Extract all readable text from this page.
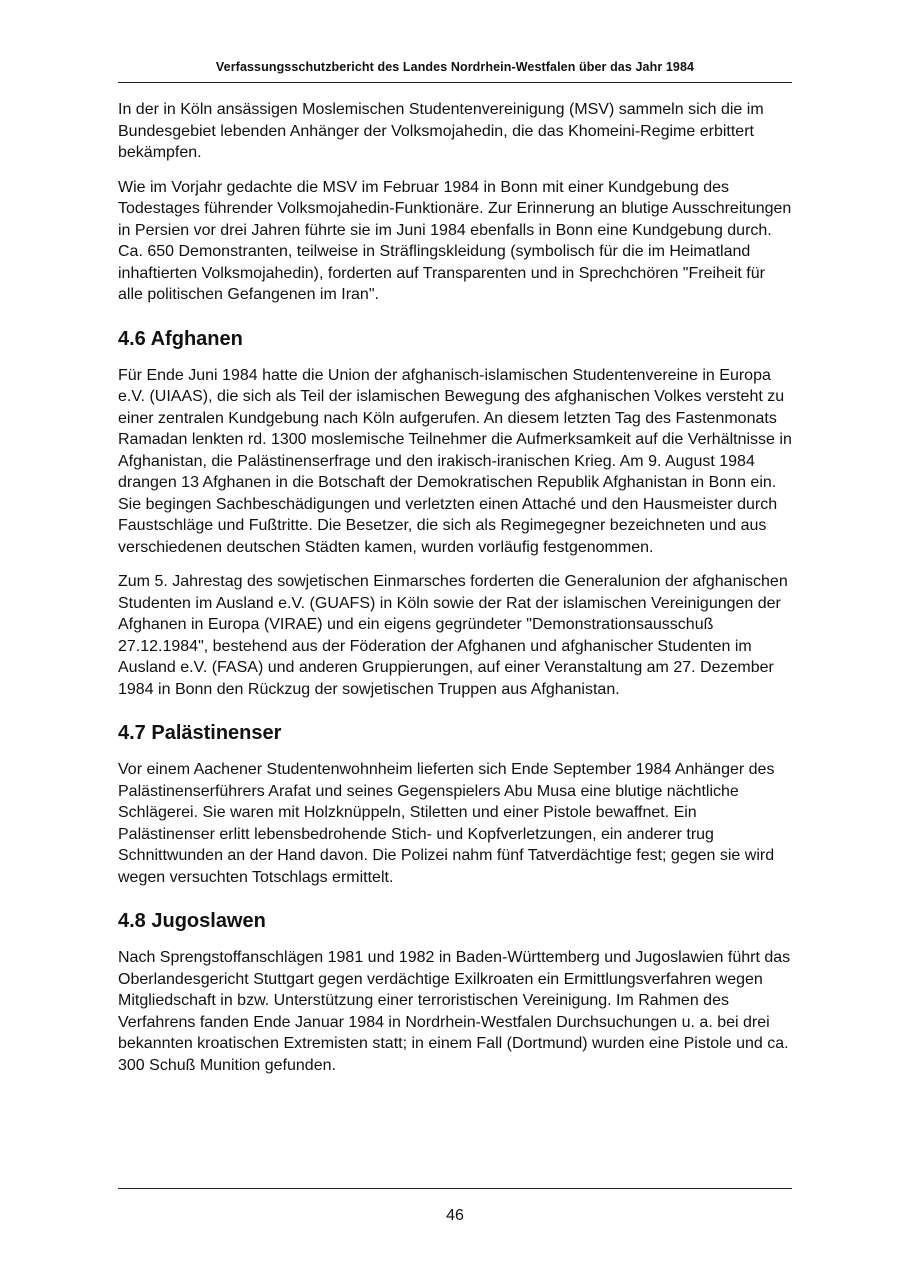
Verfassungsschutzbericht des Landes Nordrhein-Westfalen über das Jahr 1984

In der in Köln ansässigen Moslemischen Studentenvereinigung (MSV) sammeln sich die im Bundesgebiet lebenden Anhänger der Volksmojahedin, die das Khomeini-Regime erbittert bekämpfen.

Wie im Vorjahr gedachte die MSV im Februar 1984 in Bonn mit einer Kundgebung des Todestages führender Volksmojahedin-Funktionäre. Zur Erinnerung an blutige Ausschreitungen in Persien vor drei Jahren führte sie im Juni 1984 ebenfalls in Bonn eine Kundgebung durch. Ca. 650 Demonstranten, teilweise in Sträflingskleidung (symbolisch für die im Heimatland inhaftierten Volksmojahedin), forderten auf Transparenten und in Sprechchören "Freiheit für alle politischen Gefangenen im Iran".

4.6 Afghanen

Für Ende Juni 1984 hatte die Union der afghanisch-islamischen Studentenvereine in Europa e.V. (UIAAS), die sich als Teil der islamischen Bewegung des afghanischen Volkes versteht zu einer zentralen Kundgebung nach Köln aufgerufen. An diesem letzten Tag des Fastenmonats Ramadan lenkten rd. 1300 moslemische Teilnehmer die Aufmerksamkeit auf die Verhältnisse in Afghanistan, die Palästinenserfrage und den irakisch-iranischen Krieg. Am 9. August 1984 drangen 13 Afghanen in die Botschaft der Demokratischen Republik Afghanistan in Bonn ein. Sie begingen Sachbeschädigungen und verletzten einen Attaché und den Hausmeister durch Faustschläge und Fußtritte. Die Besetzer, die sich als Regimegegner bezeichneten und aus verschiedenen deutschen Städten kamen, wurden vorläufig festgenommen.

Zum 5. Jahrestag des sowjetischen Einmarsches forderten die Generalunion der afghanischen Studenten im Ausland e.V. (GUAFS) in Köln sowie der Rat der islamischen Vereinigungen der Afghanen in Europa (VIRAE) und ein eigens gegründeter "Demonstrationsausschuß 27.12.1984", bestehend aus der Föderation der Afghanen und afghanischer Studenten im Ausland e.V. (FASA) und anderen Gruppierungen, auf einer Veranstaltung am 27. Dezember 1984 in Bonn den Rückzug der sowjetischen Truppen aus Afghanistan.

4.7 Palästinenser

Vor einem Aachener Studentenwohnheim lieferten sich Ende September 1984 Anhänger des Palästinenserführers Arafat und seines Gegenspielers Abu Musa eine blutige nächtliche Schlägerei. Sie waren mit Holzknüppeln, Stiletten und einer Pistole bewaffnet. Ein Palästinenser erlitt lebensbedrohende Stich- und Kopfverletzungen, ein anderer trug Schnittwunden an der Hand davon. Die Polizei nahm fünf Tatverdächtige fest; gegen sie wird wegen versuchten Totschlags ermittelt.

4.8 Jugoslawen

Nach Sprengstoffanschlägen 1981 und 1982 in Baden-Württemberg und Jugoslawien führt das Oberlandesgericht Stuttgart gegen verdächtige Exilkroaten ein Ermittlungsverfahren wegen Mitgliedschaft in bzw. Unterstützung einer terroristischen Vereinigung. Im Rahmen des Verfahrens fanden Ende Januar 1984 in Nordrhein-Westfalen Durchsuchungen u. a. bei drei bekannten kroatischen Extremisten statt; in einem Fall (Dortmund) wurden eine Pistole und ca. 300 Schuß Munition gefunden.

46
